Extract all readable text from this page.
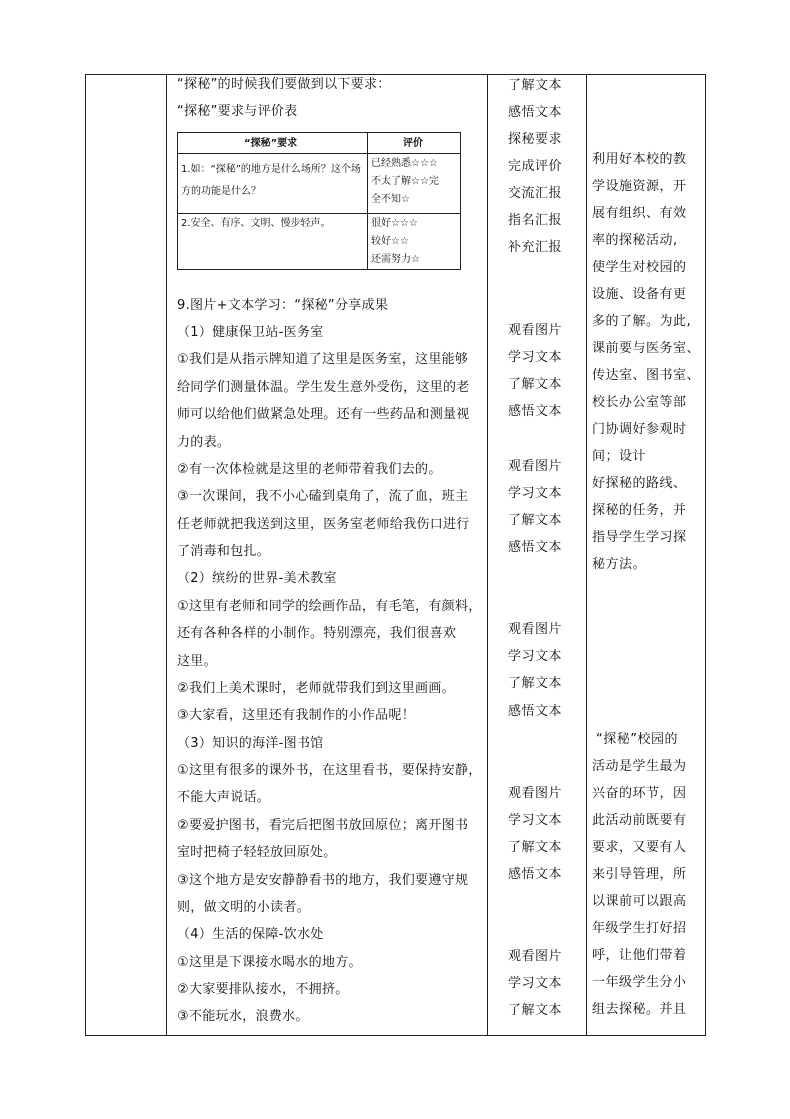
“探秘”的时候我们要做到以下要求：
“探秘”要求与评价表
“探秘”要求	评价
1.如：“探秘”的地方是什么场所？这个场
方的功能是什么？
已经熟悉☆☆☆
不太了解☆☆完
全不知☆
2.安全、有序、文明、慢步轻声。	很好☆☆☆
较好☆☆
还需努力☆
9.图片+文本学习：“探秘”分享成果
（1）健康保卫站-医务室
①我们是从指示牌知道了这里是医务室，这里能够
给同学们测量体温。学生发生意外受伤，这里的老
师可以给他们做紧急处理。还有一些药品和测量视
力的表。
②有一次体检就是这里的老师带着我们去的。
③一次课间，我不小心磕到桌角了，流了血，班主
任老师就把我送到这里，医务室老师给我伤口进行
了消毒和包扎。
（2）缤纷的世界-美术教室
①这里有老师和同学的绘画作品，有毛笔，有颜料，
还有各种各样的小制作。特别漂亮，我们很喜欢
这里。
②我们上美术课时，老师就带我们到这里画画。
③大家看，这里还有我制作的小作品呢！
（3）知识的海洋-图书馆
①这里有很多的课外书，在这里看书，要保持安静，
不能大声说话。
②要爱护图书，看完后把图书放回原位；离开图书
室时把椅子轻轻放回原处。
③这个地方是安安静静看书的地方，我们要遵守规
则，做文明的小读者。
（4）生活的保障-饮水处
①这里是下课接水喝水的地方。
②大家要排队接水，不拥挤。
③不能玩水，浪费水。
了解文本
感悟文本
探秘要求
完成评价
交流汇报
指名汇报
补充汇报
观看图片
学习文本
了解文本
感悟文本
观看图片
学习文本
了解文本
感悟文本
观看图片
学习文本
了解文本
感悟文本
观看图片
学习文本
了解文本
感悟文本
观看图片
学习文本
了解文本
利用好本校的教
学设施资源，开
展有组织、有效
率的探秘活动,
使学生对校园的
设施、设备有更
多的了解。为此,
课前要与医务室、
传达室、图书室、
校长办公室等部
门协调好参观时
间；设计
好探秘的路线、
探秘的任务，并
指导学生学习探
秘方法。
“探秘”校园的
活动是学生最为
兴奋的环节，因
此活动前既要有
要求，又要有人
来引导管理，所
以课前可以跟高
年级学生打好招
呼，让他们带着
一年级学生分小
组去探秘。并且
